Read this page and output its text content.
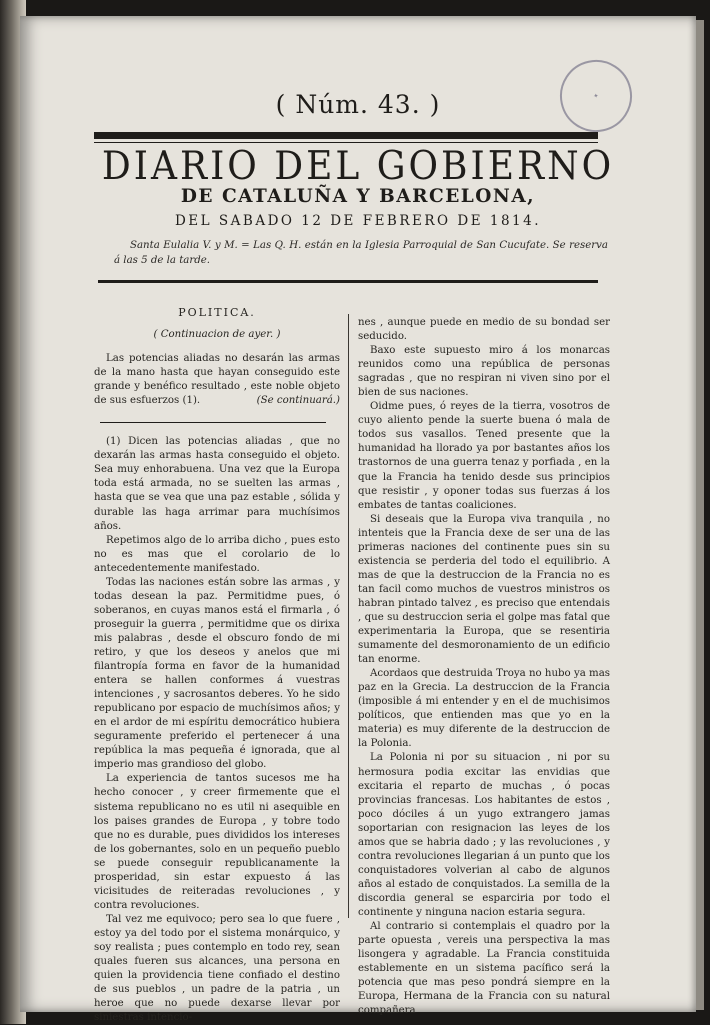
✦
( Núm. 43. )
DIARIO DEL GOBIERNO
DE CATALUÑA Y BARCELONA,
DEL SABADO 12 DE FEBRERO DE 1814.
Santa Eulalia V. y M. = Las Q. H. están en la Iglesia Parroquial de San Cucufate. Se reserva á las 5 de la tarde.

POLITICA.

( Continuacion de ayer. )

Las potencias aliadas no desarán las armas de la mano hasta que hayan conseguido este grande y benéfico resultado , este noble objeto de sus esfuerzos (1).	(Se continuará.)

(1) Dicen las potencias aliadas , que no dexarán las armas hasta conseguido el objeto. Sea muy enhorabuena. Una vez que la Europa toda está armada, no se suelten las armas , hasta que se vea que una paz estable , sólida y durable las haga arrimar para muchísimos años.

Repetimos algo de lo arriba dicho , pues esto no es mas que el corolario de lo antecedentemente manifestado.

Todas las naciones están sobre las armas , y todas desean la paz. Permitidme pues, ó soberanos, en cuyas manos está el firmarla , ó proseguir la guerra , permitidme que os dirixa mis palabras , desde el obscuro fondo de mi retiro, y que los deseos y anelos que mi filantropía forma en favor de la humanidad entera se hallen conformes á vuestras intenciones , y sacrosantos deberes. Yo he sido republicano por espacio de muchísimos años; y en el ardor de mi espíritu democrático hubiera seguramente preferido el pertenecer á una república la mas pequeña é ignorada, que al imperio mas grandioso del globo.

La experiencia de tantos sucesos me ha hecho conocer , y creer firmemente que el sistema republicano no es util ni asequible en los paises grandes de Europa , y tobre todo que no es durable, pues divididos los intereses de los gobernantes, solo en un pequeño pueblo se puede conseguir republicanamente la prosperidad, sin estar expuesto á las vicisitudes de reiteradas revoluciones , y contra revoluciones.

Tal vez me equivoco; pero sea lo que fuere , estoy ya del todo por el sistema monárquico, y soy realista ; pues contemplo en todo rey, sean quales fueren sus alcances, una persona en quien la providencia tiene confiado el destino de sus pueblos , un padre de la patria , un heroe que no puede dexarse llevar por siniestras intencio-

nes , aunque puede en medio de su bondad ser seducido.

Baxo este supuesto miro á los monarcas reunidos como una república de personas sagradas , que no respiran ni viven sino por el bien de sus naciones.

Oidme pues, ó reyes de la tierra, vosotros de cuyo aliento pende la suerte buena ó mala de todos sus vasallos. Tened presente que la humanidad ha llorado ya por bastantes años los trastornos de una guerra tenaz y porfiada , en la que la Francia ha tenido desde sus principios que resistir , y oponer todas sus fuerzas á los embates de tantas coaliciones.

Si deseais que la Europa viva tranquila , no intenteis que la Francia dexe de ser una de las primeras naciones del continente pues sin su existencia se perderia del todo el equilibrio. A mas de que la destruccion de la Francia no es tan facil como muchos de vuestros ministros os habran pintado talvez , es preciso que entendais , que su destruccion seria el golpe mas fatal que experimentaria la Europa, que se resentiria sumamente del desmoronamiento de un edificio tan enorme.

Acordaos que destruida Troya no hubo ya mas paz en la Grecia. La destruccion de la Francia (imposible á mi entender y en el de muchisimos políticos, que entienden mas que yo en la materia) es muy diferente de la destruccion de la Polonia.

La Polonia ni por su situacion , ni por su hermosura podia excitar las envidias que excitaria el reparto de muchas , ó pocas provincias francesas. Los habitantes de estos , poco dóciles á un yugo extrangero jamas soportarian con resignacion las leyes de los amos que se habria dado ; y las revoluciones , y contra revoluciones llegarian á un punto que los conquistadores volverian al cabo de algunos años al estado de conquistados. La semilla de la discordia general se esparciria por todo el continente y ninguna nacion estaria segura.

Al contrario si contemplais el quadro por la parte opuesta , vereis una perspectiva la mas lisongera y agradable. La Francia constituida establemente en un sistema pacífico será la potencia que mas peso pondrá siempre en la Europa, Hermana de la Francia con su natural compañera
